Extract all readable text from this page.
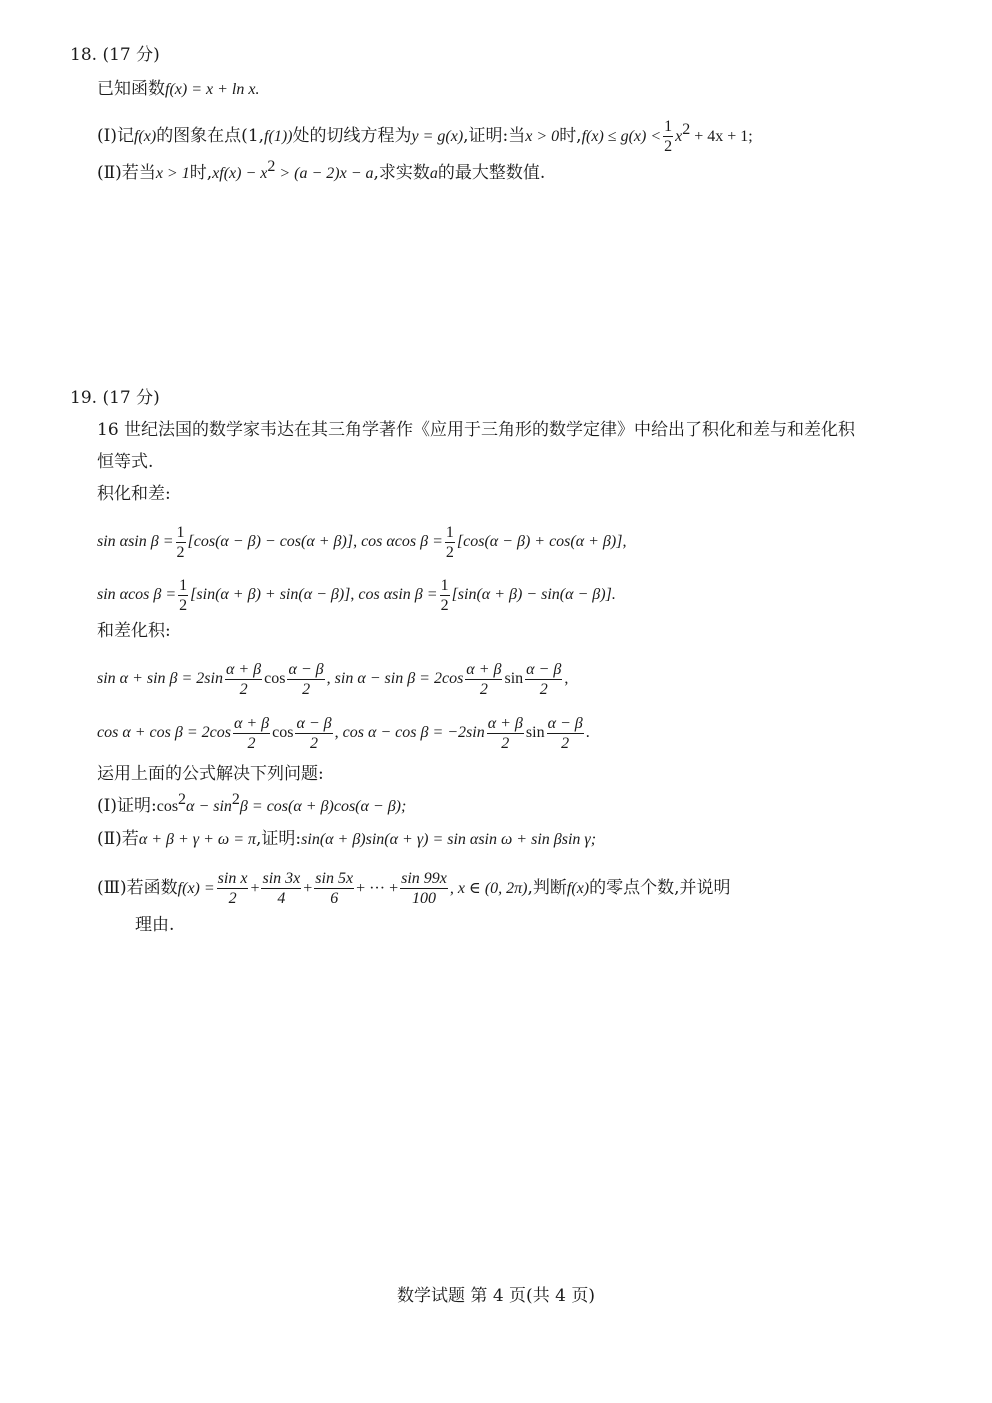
18. (17 分)
已知函数f(x) = x + ln x.
(Ⅰ)记f(x)的图象在点(1,f(1))处的切线方程为y = g(x),证明:当x > 0时$,f(x) \le g(x) < \frac{1}{2} x^2 + 4x + 1$;
(Ⅱ)若当x > 1时$,xf(x) - x^2 > (a - 2)x - a$,求实数a的最大整数值.
19. (17 分)
16 世纪法国的数学家韦达在其三角学著作《应用于三角形的数学定律》中给出了积化和差与和差化积
恒等式.
积化和差:
sin αsin $\beta = \frac{1}{2} [\cos(\alpha - \beta) - \cos(\alpha + \beta)]$, cos αcos $\beta = \frac{1}{2} [\cos(\alpha - \beta) + \cos(\alpha + \beta)]$,
sin αcos $\beta = \frac{1}{2} [\sin(\alpha + \beta) + \sin(\alpha - \beta)]$, cos αsin $\beta = \frac{1}{2} [\sin(\alpha + \beta) - \sin(\alpha - \beta)]$.
和差化积:
$\sin \alpha + \sin \beta = 2\sin \frac{\alpha + \beta}{2}$ $\cos \frac{\alpha - \beta}{2}$ , $\sin \alpha - \sin \beta = 2\cos \frac{\alpha + \beta}{2}$ $\sin \frac{\alpha - \beta}{2}$ ,
$\cos \alpha + \cos \beta = 2\cos \frac{\alpha + \beta}{2}$ $\cos \frac{\alpha - \beta}{2}$ , $\cos \alpha - \cos \beta = -2\sin \frac{\alpha + \beta}{2}$ $\sin \frac{\alpha - \beta}{2}$ .
运用上面的公式解决下列问题:
(Ⅰ)证明$:\cos^2\alpha - \sin^2\beta = \cos(\alpha + \beta)\cos(\alpha - \beta)$;
(Ⅱ)若α + β + γ + ω = π,证明:sin(α + β)sin(α + γ) = sin αsin ω + sin βsin γ;
(Ⅲ)若函数$f(x) = \frac{\text{sin x}}{2} + \frac{\sin 3x}{4} + \frac{\sin 5x}{6}$ + ··· + $\frac{\sin 99x}{100}$ , x ∈ (0, 2π),判断f(x)的零点个数,并说明
理由.
数学试题 第 4 页(共 4 页)
